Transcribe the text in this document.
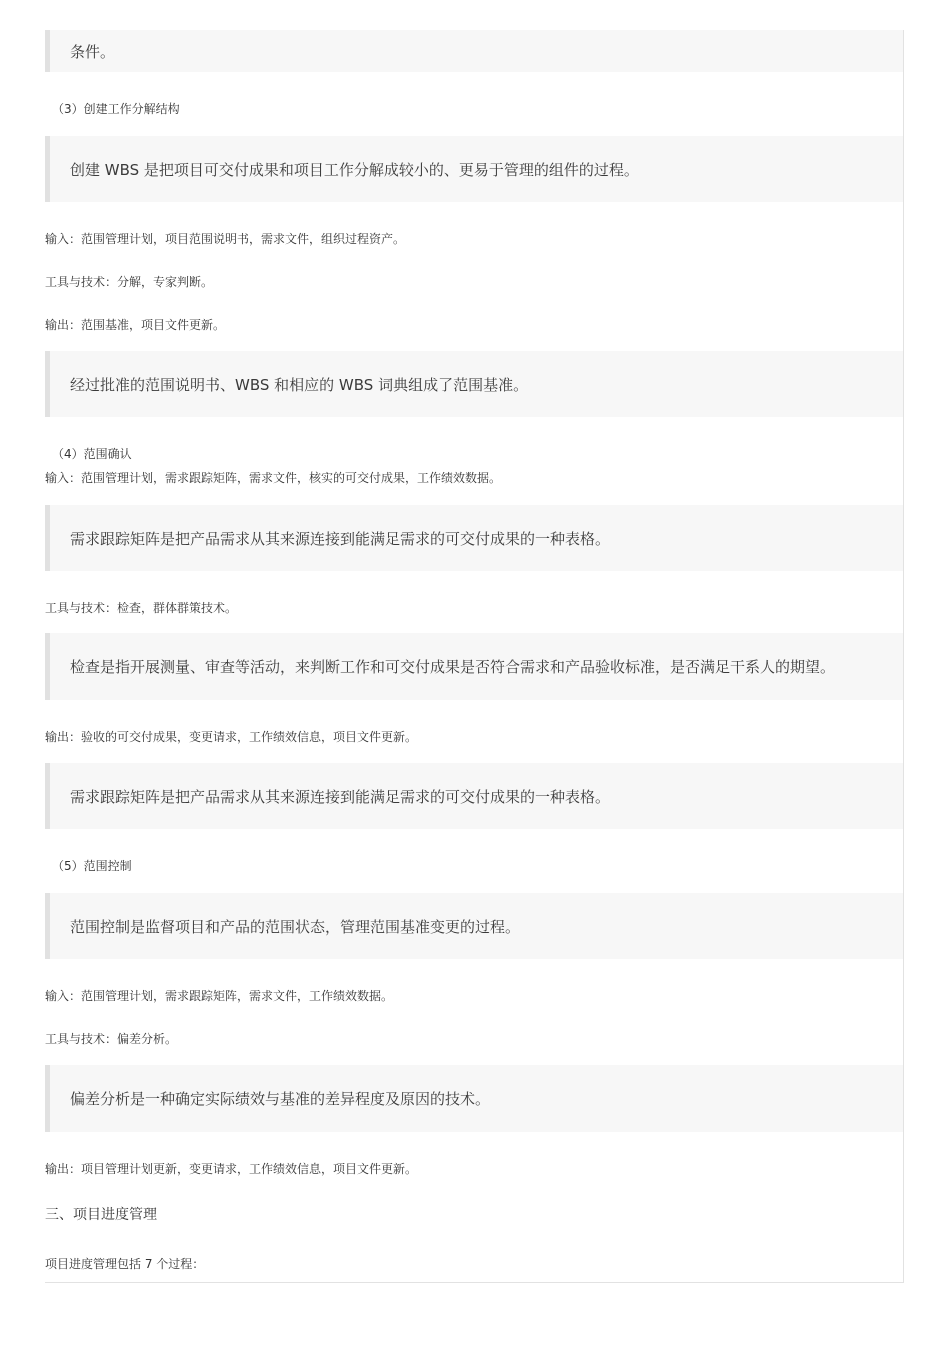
条件。
（3）创建工作分解结构
创建 WBS 是把项目可交付成果和项目工作分解成较小的、更易于管理的组件的过程。
输入：范围管理计划，项目范围说明书，需求文件，组织过程资产。
工具与技术：分解，专家判断。
输出：范围基准，项目文件更新。
经过批准的范围说明书、WBS 和相应的 WBS 词典组成了范围基准。
（4）范围确认
输入：范围管理计划，需求跟踪矩阵，需求文件，核实的可交付成果，工作绩效数据。
需求跟踪矩阵是把产品需求从其来源连接到能满足需求的可交付成果的一种表格。
工具与技术：检查，群体群策技术。
检查是指开展测量、审查等活动，来判断工作和可交付成果是否符合需求和产品验收标准，是否满足干系人的期望。
输出：验收的可交付成果，变更请求，工作绩效信息，项目文件更新。
需求跟踪矩阵是把产品需求从其来源连接到能满足需求的可交付成果的一种表格。
（5）范围控制
范围控制是监督项目和产品的范围状态，管理范围基准变更的过程。
输入：范围管理计划，需求跟踪矩阵，需求文件，工作绩效数据。
工具与技术：偏差分析。
偏差分析是一种确定实际绩效与基准的差异程度及原因的技术。
输出：项目管理计划更新，变更请求，工作绩效信息，项目文件更新。
三、项目进度管理
项目进度管理包括 7 个过程：
